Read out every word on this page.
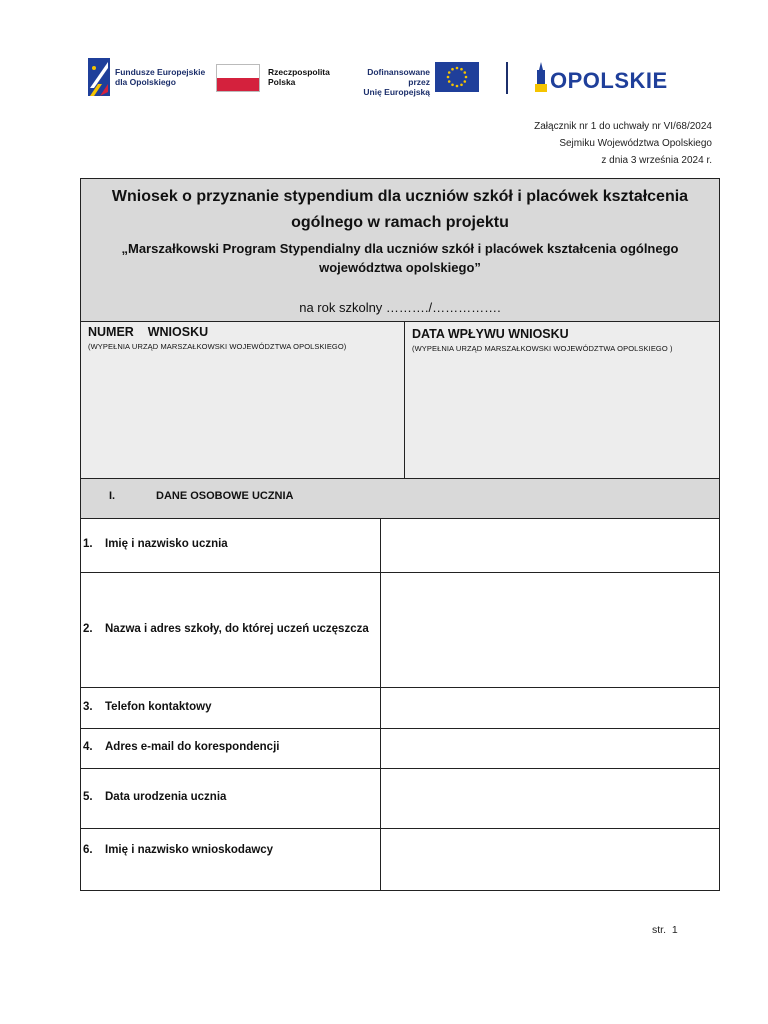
Fundusze Europejskie
dla Opolskiego
Rzeczpospolita
Polska
Dofinansowane przez
Unię Europejską	OPOLSKIE
Załącznik nr 1 do uchwały nr VI/68/2024
Sejmiku Województwa Opolskiego
z dnia 3 września 2024 r.
Wniosek o przyznanie stypendium dla uczniów szkół i placówek kształcenia
ogólnego w ramach projektu
„Marszałkowski Program Stypendialny dla uczniów szkół i placówek kształcenia ogólnego
województwa opolskiego”
na rok szkolny ………./…………….
NUMER    WNIOSKU
(WYPEŁNIA URZĄD MARSZAŁKOWSKI WOJEWÓDZTWA OPOLSKIEGO)
DATA WPŁYWU WNIOSKU
(WYPEŁNIA URZĄD MARSZAŁKOWSKI WOJEWÓDZTWA OPOLSKIEGO )
I.	DANE OSOBOWE UCZNIA
1. Imię i nazwisko ucznia
2. Nazwa i adres szkoły, do której uczeń uczęszcza
3. Telefon kontaktowy
4. Adres e-mail do korespondencji
5. Data urodzenia ucznia
6. Imię i nazwisko wnioskodawcy
str.  1
